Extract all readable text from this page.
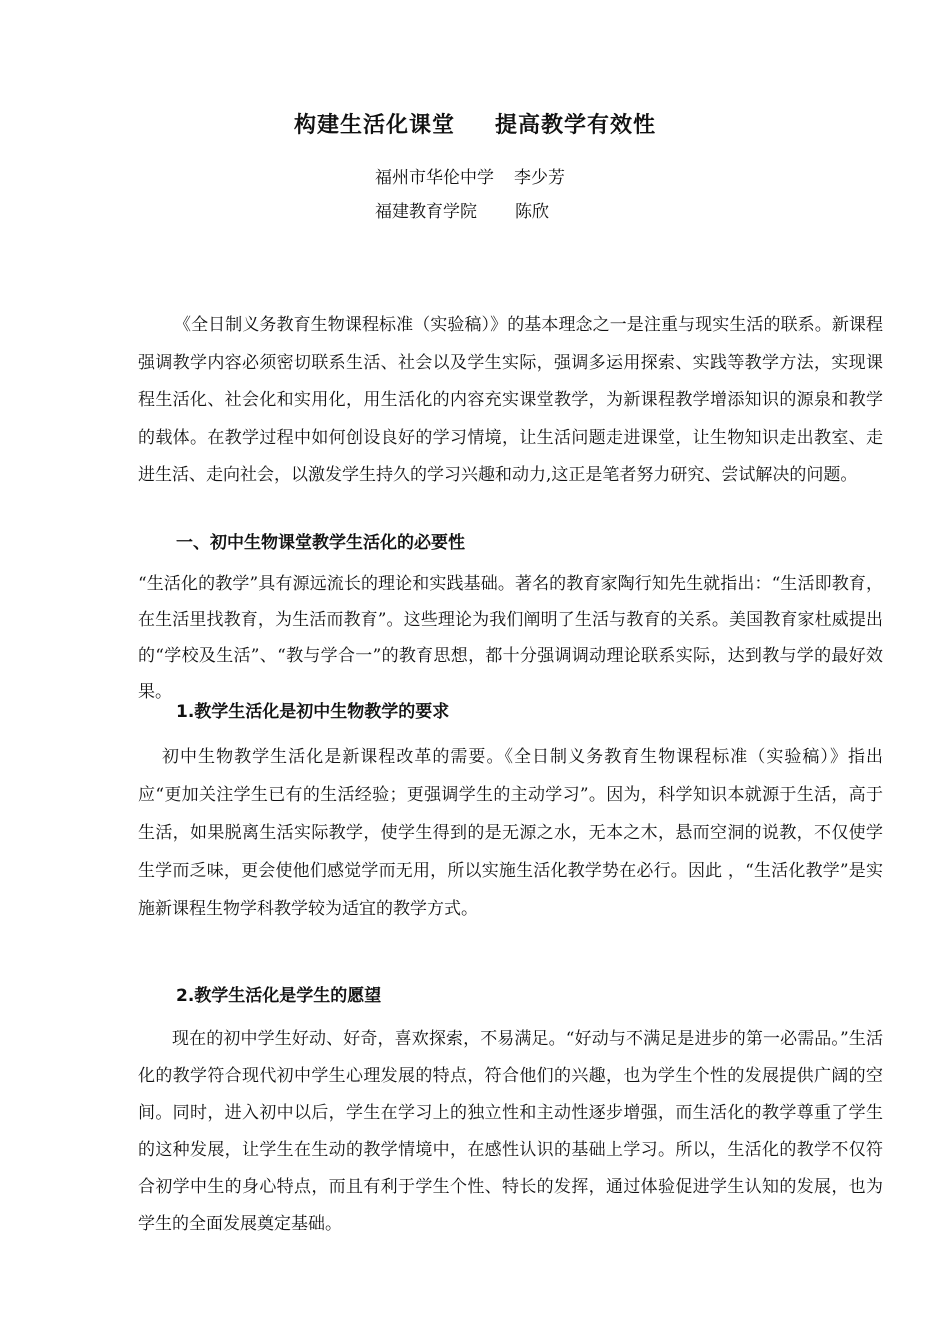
构建生活化课堂 提高教学有效性
福州市华伦中学 李少芳
福建教育学院 陈欣

《全日制义务教育生物课程标准（实验稿）》的基本理念之一是注重与现实生活的联系。新课程强调教学内容必须密切联系生活、社会以及学生实际，强调多运用探索、实践等教学方法，实现课程生活化、社会化和实用化，用生活化的内容充实课堂教学，为新课程教学增添知识的源泉和教学的载体。在教学过程中如何创设良好的学习情境，让生活问题走进课堂，让生物知识走出教室、走进生活、走向社会，以激发学生持久的学习兴趣和动力,这正是笔者努力研究、尝试解决的问题。

一、初中生物课堂教学生活化的必要性

“生活化的教学”具有源远流长的理论和实践基础。著名的教育家陶行知先生就指出：“生活即教育，在生活里找教育，为生活而教育”。这些理论为我们阐明了生活与教育的关系。美国教育家杜威提出的“学校及生活”、“教与学合一”的教育思想，都十分强调调动理论联系实际，达到教与学的最好效果。

1.教学生活化是初中生物教学的要求

初中生物教学生活化是新课程改革的需要。《全日制义务教育生物课程标准（实验稿）》指出应“更加关注学生已有的生活经验；更强调学生的主动学习”。因为，科学知识本就源于生活，高于生活，如果脱离生活实际教学，使学生得到的是无源之水，无本之木，悬而空洞的说教，不仅使学生学而乏味，更会使他们感觉学而无用，所以实施生活化教学势在必行。因此 ，“生活化教学”是实施新课程生物学科教学较为适宜的教学方式。

2.教学生活化是学生的愿望

现在的初中学生好动、好奇，喜欢探索，不易满足。“好动与不满足是进步的第一必需品。”生活化的教学符合现代初中学生心理发展的特点，符合他们的兴趣，也为学生个性的发展提供广阔的空间。同时，进入初中以后，学生在学习上的独立性和主动性逐步增强，而生活化的教学尊重了学生的这种发展，让学生在生动的教学情境中，在感性认识的基础上学习。所以，生活化的教学不仅符合初学中生的身心特点，而且有利于学生个性、特长的发挥，通过体验促进学生认知的发展，也为学生的全面发展奠定基础。
